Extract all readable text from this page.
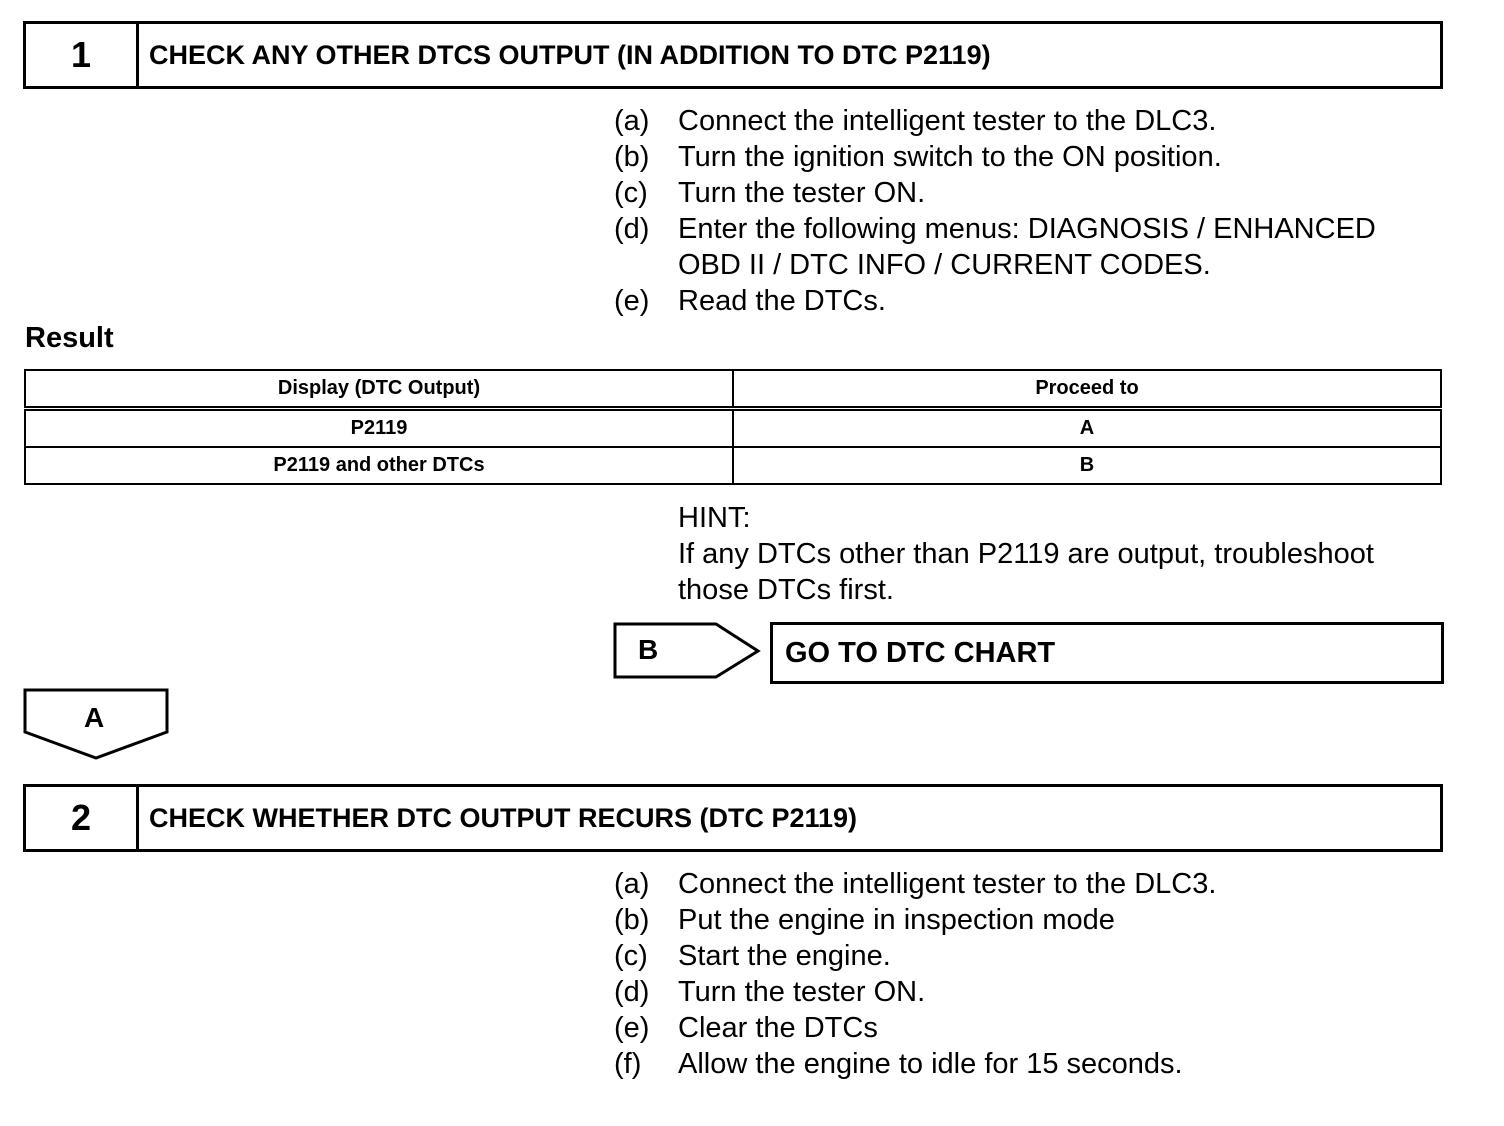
1	CHECK ANY OTHER DTCS OUTPUT (IN ADDITION TO DTC P2119)
(a) Connect the intelligent tester to the DLC3.
(b) Turn the ignition switch to the ON position.
(c)	Turn the tester ON.
(d) Enter the following menus: DIAGNOSIS / ENHANCED OBD II / DTC INFO / CURRENT CODES.
(e) Read the DTCs.
Result
Display (DTC Output)	Proceed to
P2119	A
P2119 and other DTCs	B
HINT:
If any DTCs other than P2119 are output, troubleshoot those DTCs first.
B	GO TO DTC CHART
A
2	CHECK WHETHER DTC OUTPUT RECURS (DTC P2119)
(a) Connect the intelligent tester to the DLC3.
(b) Put the engine in inspection mode
(c)	Start the engine.
(d) Turn the tester ON.
(e) Clear the DTCs
(f)	Allow the engine to idle for 15 seconds.
